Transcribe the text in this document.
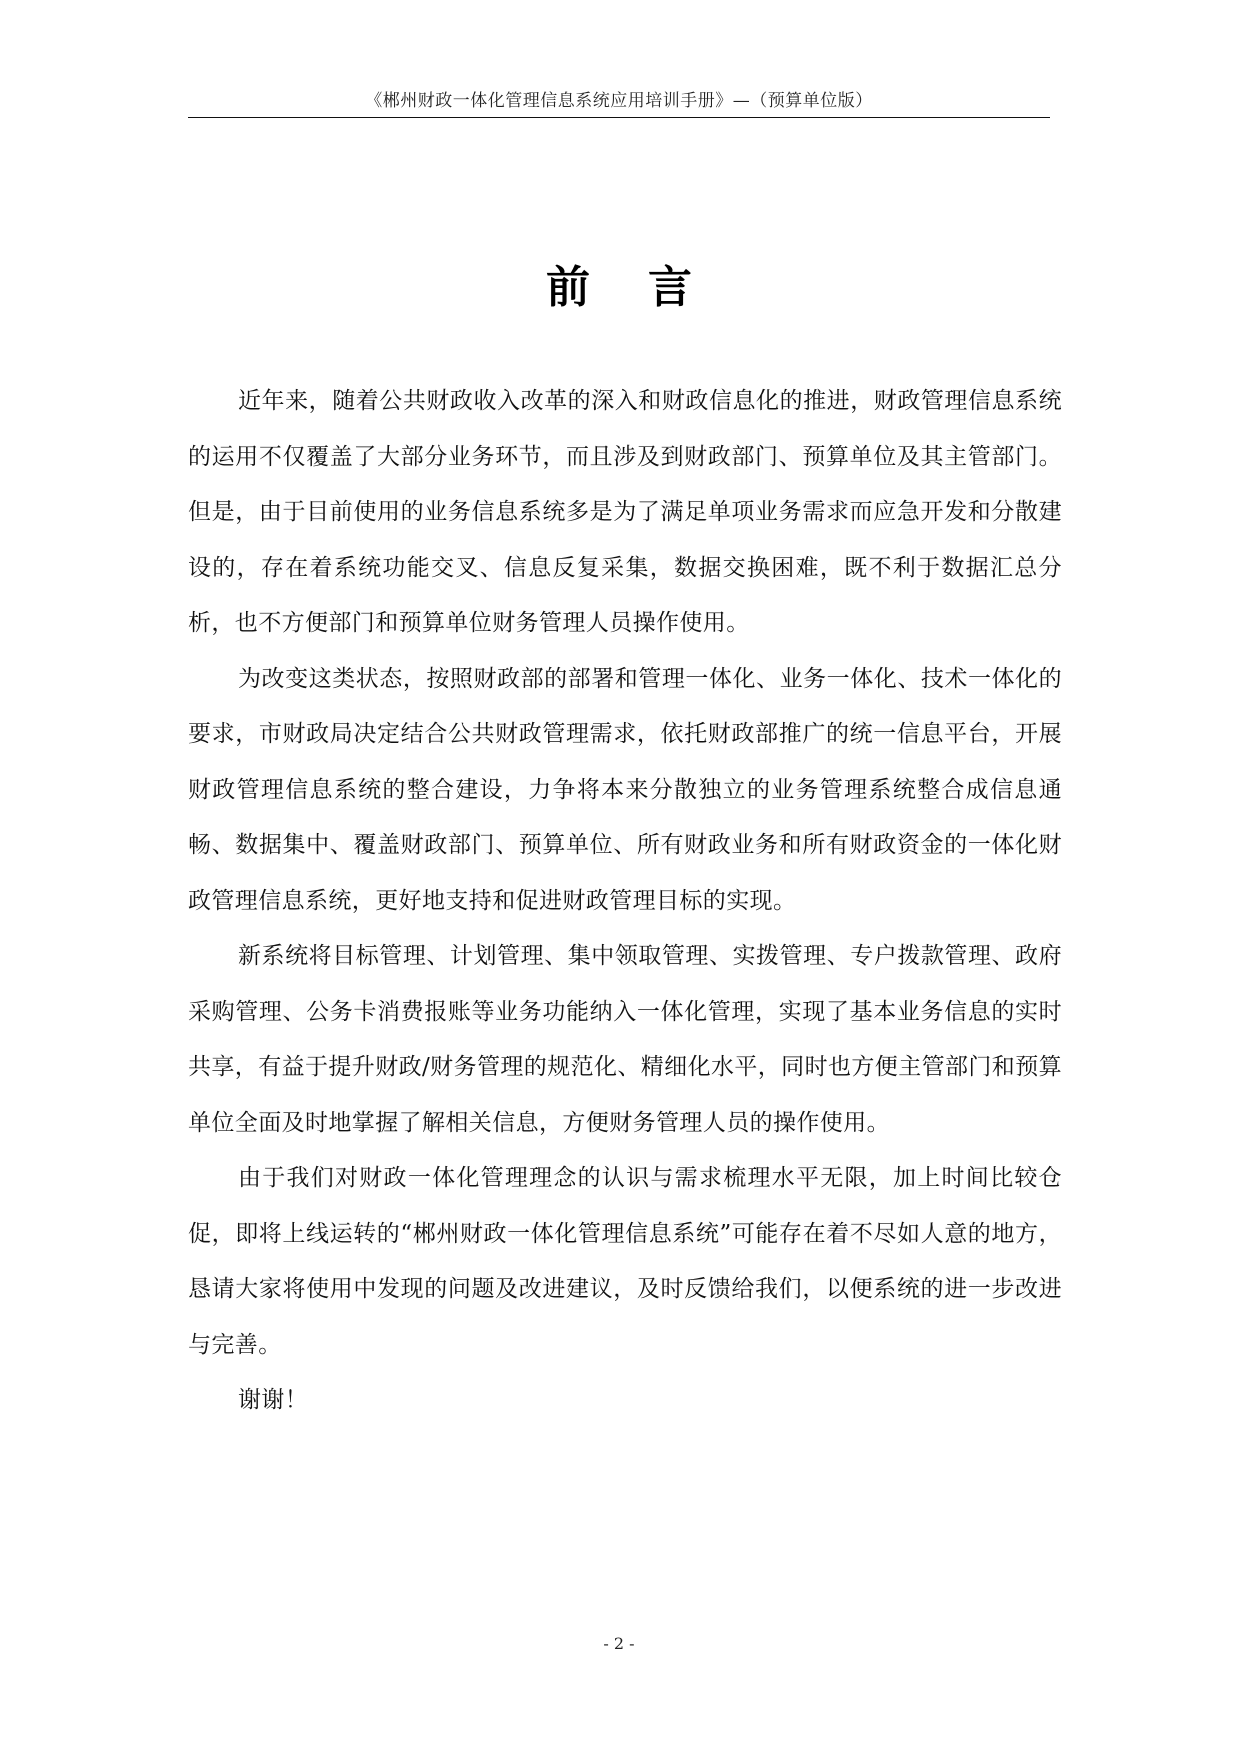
《郴州财政一体化管理信息系统应用培训手册》—（预算单位版）
前言

近年来，随着公共财政收入改革的深入和财政信息化的推进，财政管理信息系统的运用不仅覆盖了大部分业务环节，而且涉及到财政部门、预算单位及其主管部门。但是，由于目前使用的业务信息系统多是为了满足单项业务需求而应急开发和分散建设的，存在着系统功能交叉、信息反复采集，数据交换困难，既不利于数据汇总分析，也不方便部门和预算单位财务管理人员操作使用。

为改变这类状态，按照财政部的部署和管理一体化、业务一体化、技术一体化的要求，市财政局决定结合公共财政管理需求，依托财政部推广的统一信息平台，开展财政管理信息系统的整合建设，力争将本来分散独立的业务管理系统整合成信息通畅、数据集中、覆盖财政部门、预算单位、所有财政业务和所有财政资金的一体化财政管理信息系统，更好地支持和促进财政管理目标的实现。

新系统将目标管理、计划管理、集中领取管理、实拨管理、专户拨款管理、政府采购管理、公务卡消费报账等业务功能纳入一体化管理，实现了基本业务信息的实时共享，有益于提升财政/财务管理的规范化、精细化水平，同时也方便主管部门和预算单位全面及时地掌握了解相关信息，方便财务管理人员的操作使用。

由于我们对财政一体化管理理念的认识与需求梳理水平无限，加上时间比较仓促，即将上线运转的“郴州财政一体化管理信息系统”可能存在着不尽如人意的地方，恳请大家将使用中发现的问题及改进建议，及时反馈给我们，以便系统的进一步改进与完善。

谢谢！

- 2 -
